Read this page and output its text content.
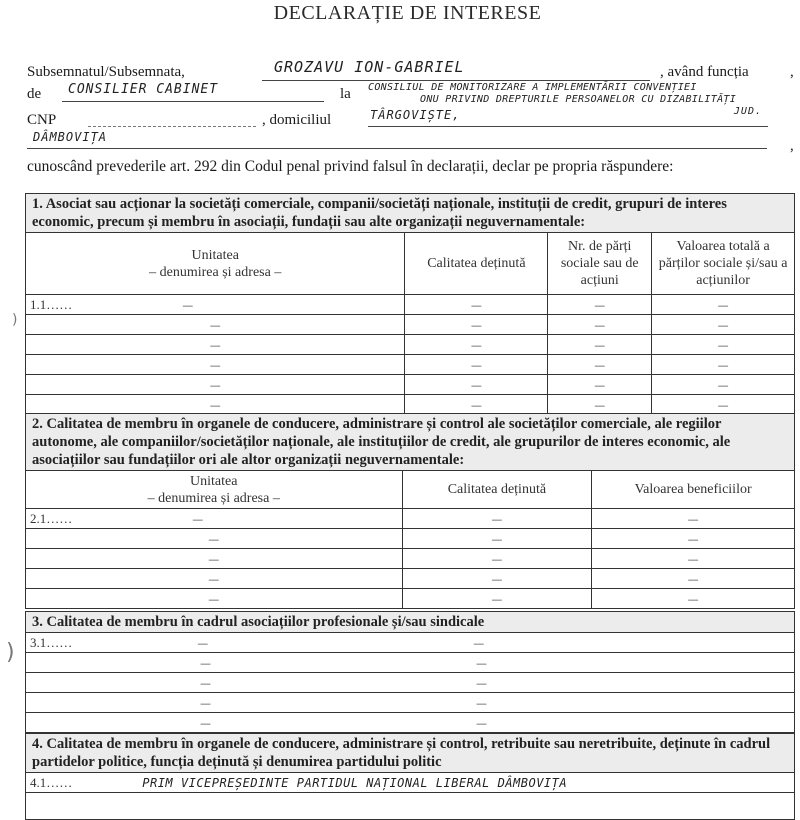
DECLARAȚIE DE INTERESE
Subsemnatul/Subsemnata,	GROZAVU ION-GABRIEL	, având funcția	,
de	CONSILIER CABINET	la CONSILIUL DE MONITORIZARE A IMPLEMENTĂRII CONVENȚIEI
ONU PRIVIND DREPTURILE PERSOANELOR CU DIZABILITĂȚI
CNP	, domiciliul	TÂRGOVIȘTE,	JUD.
DÂMBOVIȚA
,
cunoscând prevederile art. 292 din Codul penal privind falsul în declarații, declar pe propria răspundere:
1. Asociat sau acționar la societăți comerciale, companii/societăți naționale, instituții de credit, grupuri de interes economic, precum și membru în asociații, fundații sau alte organizații neguvernamentale:			
Unitatea
– denumirea și adresa –	Calitatea deținută	Nr. de părți sociale sau de acțiuni	Valoarea totală a părților sociale și/sau a acțiunilor
1.1…… —	—	—	—
—	—	—	—
—	—	—	—
—	—	—	—
—	—	—	—
—	—	—	—
)
2. Calitatea de membru în organele de conducere, administrare și control ale societăților comerciale, ale regiilor autonome, ale companiilor/societăților naționale, ale instituțiilor de credit, ale grupurilor de interes economic, ale asociațiilor sau fundațiilor ori ale altor organizații neguvernamentale:		
Unitatea
– denumirea și adresa –	Calitatea deținută	Valoarea beneficiilor
2.1…… —	—	—
—	—	—
—	—	—
—	—	—
—	—	—
3. Calitatea de membru în cadrul asociațiilor profesionale și/sau sindicale
3.1……	—	—
—	—
—	—
—	—
—	—
)
4. Calitatea de membru în organele de conducere, administrare și control, retribuite sau neretribuite, deținute în cadrul partidelor politice, funcția deținută și denumirea partidului politic
4.1……	PRIM VICEPREȘEDINTE PARTIDUL NAȚIONAL LIBERAL DÂMBOVIȚA
